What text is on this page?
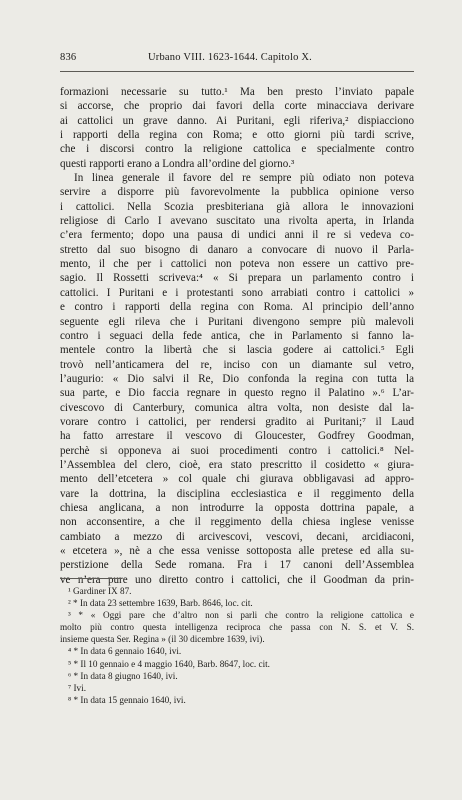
836	Urbano VIII. 1623-1644. Capitolo X.
formazioni necessarie su tutto.¹ Ma ben presto l’inviato papale
si accorse, che proprio dai favori della corte minacciava derivare
ai cattolici un grave danno. Ai Puritani, egli riferiva,² dispiacciono
i rapporti della regina con Roma; e otto giorni più tardi scrive,
che i discorsi contro la religione cattolica e specialmente contro
questi rapporti erano a Londra all’ordine del giorno.³
In linea generale il favore del re sempre più odiato non poteva
servire a disporre più favorevolmente la pubblica opinione verso
i cattolici. Nella Scozia presbiteriana già allora le innovazioni
religiose di Carlo I avevano suscitato una rivolta aperta, in Irlanda
c’era fermento; dopo una pausa di undici anni il re si vedeva co-
stretto dal suo bisogno di danaro a convocare di nuovo il Parla-
mento, il che per i cattolici non poteva non essere un cattivo pre-
sagio. Il Rossetti scriveva:⁴ « Si prepara un parlamento contro i
cattolici. I Puritani e i protestanti sono arrabiati contro i cattolici »
e contro i rapporti della regina con Roma. Al principio dell’anno
seguente egli rileva che i Puritani divengono sempre più malevoli
contro i seguaci della fede antica, che in Parlamento si fanno la-
mentele contro la libertà che si lascia godere ai cattolici.⁵ Egli
trovò nell’anticamera del re, inciso con un diamante sul vetro,
l’augurio: « Dio salvi il Re, Dio confonda la regina con tutta la
sua parte, e Dio faccia regnare in questo regno il Palatino ».⁶ L’ar-
civescovo di Canterbury, comunica altra volta, non desiste dal la-
vorare contro i cattolici, per rendersi gradito ai Puritani;⁷ il Laud
ha fatto arrestare il vescovo di Gloucester, Godfrey Goodman,
perchè si opponeva ai suoi procedimenti contro i cattolici.⁸ Nel-
l’Assemblea del clero, cioè, era stato prescritto il cosidetto « giura-
mento dell’etcetera » col quale chi giurava obbligavasi ad appro-
vare la dottrina, la disciplina ecclesiastica e il reggimento della
chiesa anglicana, a non introdurre la opposta dottrina papale, a
non acconsentire, a che il reggimento della chiesa inglese venisse
cambiato a mezzo di arcivescovi, vescovi, decani, arcidiaconi,
« etcetera », nè a che essa venisse sottoposta alle pretese ed alla su-
perstizione della Sede romana. Fra i 17 canoni dell’Assemblea
ve n’era pure uno diretto contro i cattolici, che il Goodman da prin-
¹ Gardiner IX 87.
² * In data 23 settembre 1639, Barb. 8646, loc. cit.
³ * « Oggi pare che d’altro non si parli che contro la religione cattolica e
molto più contro questa intelligenza reciproca che passa con N. S. et V. S.
insieme questa Ser. Regina » (il 30 dicembre 1639, ivi).
⁴ * In data 6 gennaio 1640, ivi.
⁵ * Il 10 gennaio e 4 maggio 1640, Barb. 8647, loc. cit.
⁶ * In data 8 giugno 1640, ivi.
⁷ Ivi.
⁸ * In data 15 gennaio 1640, ivi.
